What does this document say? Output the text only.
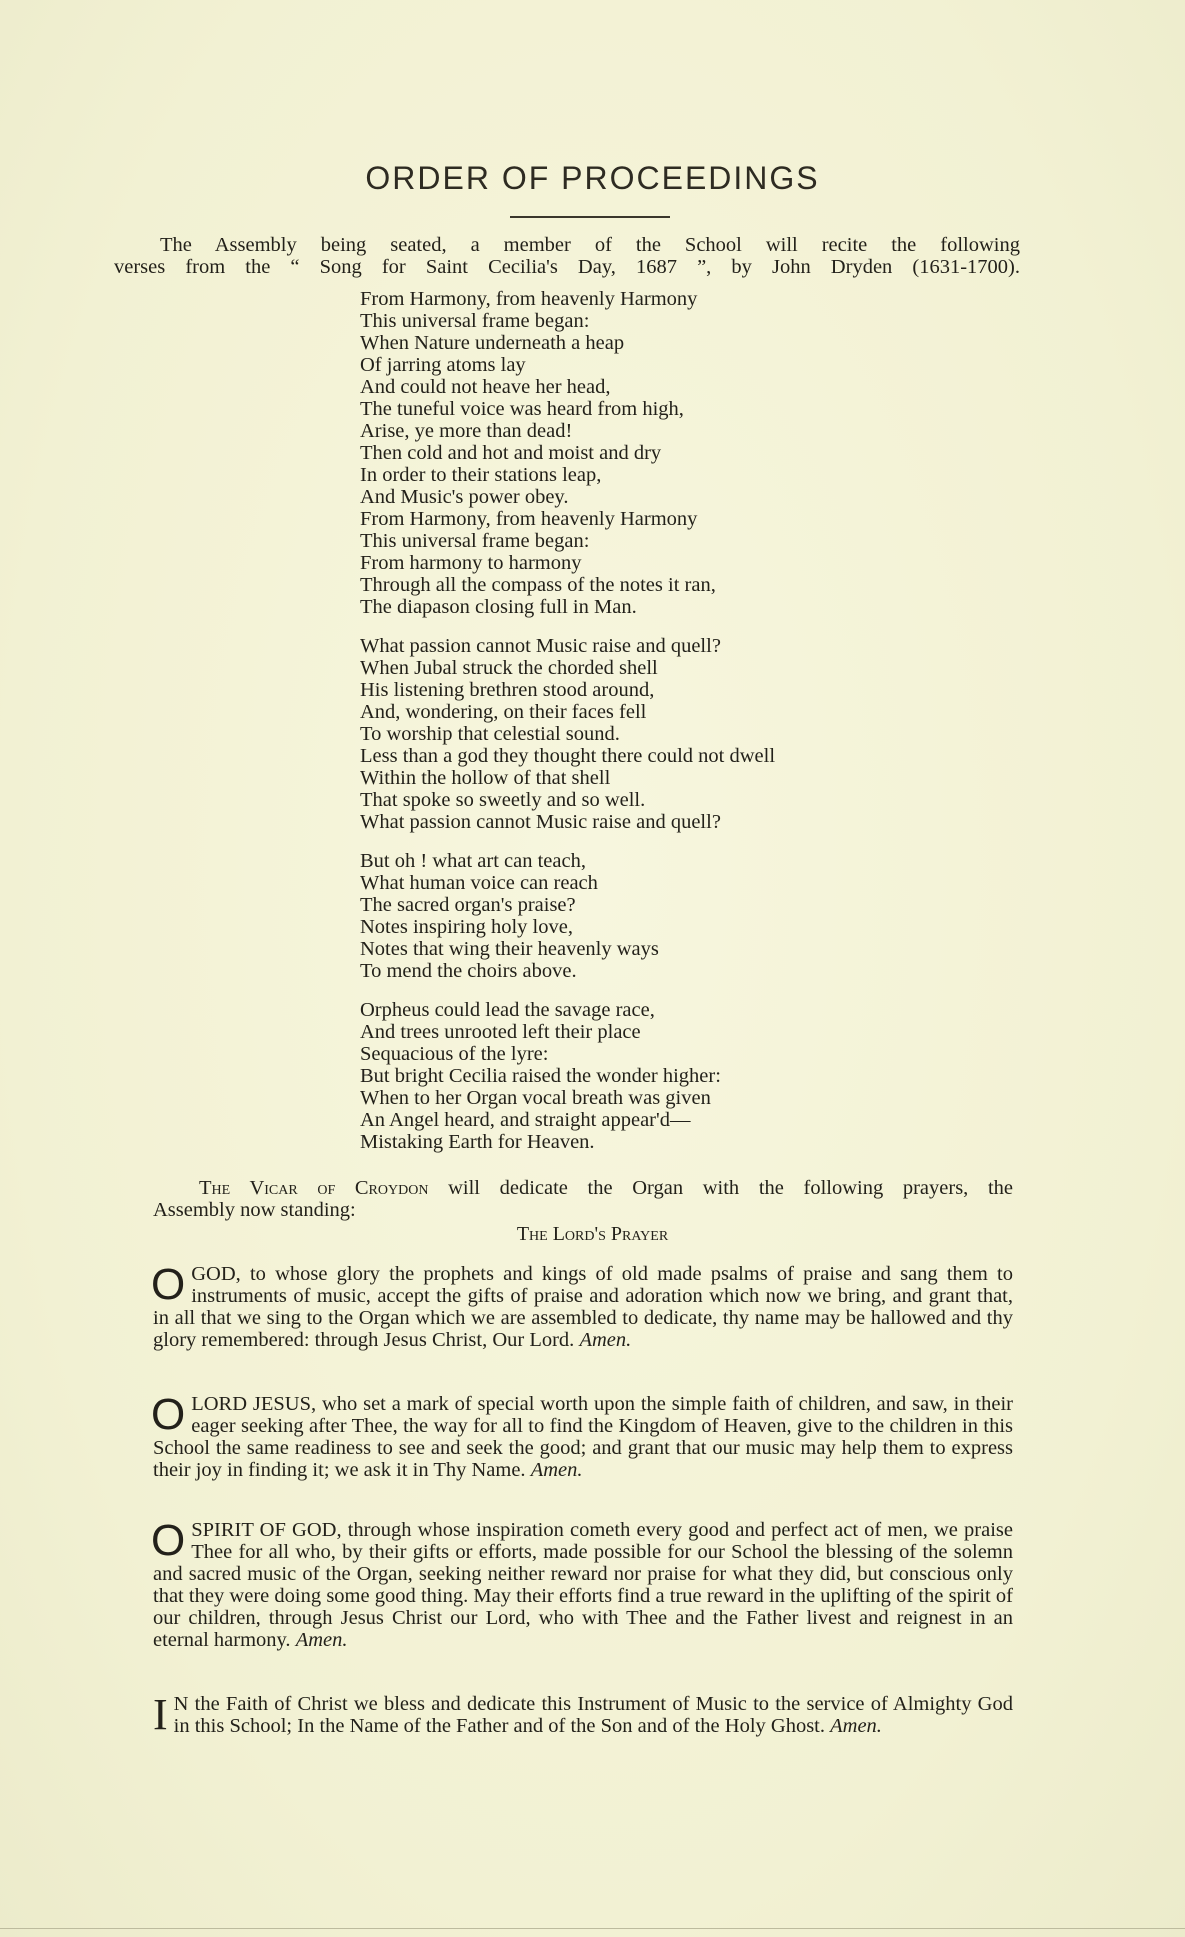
ORDER OF PROCEEDINGS
The Assembly being seated, a member of the School will recite the following
verses from the “ Song for Saint Cecilia's Day, 1687 ”, by John Dryden (1631-1700).
From Harmony, from heavenly Harmony
This universal frame began:
When Nature underneath a heap
Of jarring atoms lay
And could not heave her head,
The tuneful voice was heard from high,
Arise, ye more than dead!
Then cold and hot and moist and dry
In order to their stations leap,
And Music's power obey.
From Harmony, from heavenly Harmony
This universal frame began:
From harmony to harmony
Through all the compass of the notes it ran,
The diapason closing full in Man.
What passion cannot Music raise and quell?
When Jubal struck the chorded shell
His listening brethren stood around,
And, wondering, on their faces fell
To worship that celestial sound.
Less than a god they thought there could not dwell
Within the hollow of that shell
That spoke so sweetly and so well.
What passion cannot Music raise and quell?
But oh ! what art can teach,
What human voice can reach
The sacred organ's praise?
Notes inspiring holy love,
Notes that wing their heavenly ways
To mend the choirs above.
Orpheus could lead the savage race,
And trees unrooted left their place
Sequacious of the lyre:
But bright Cecilia raised the wonder higher:
When to her Organ vocal breath was given
An Angel heard, and straight appear'd—
Mistaking Earth for Heaven.
The Vicar of Croydon will dedicate the Organ with the following prayers, the
Assembly now standing:
The Lord's Prayer
O GOD, to whose glory the prophets and kings of old made psalms of praise and sang them to instruments of music, accept the gifts of praise and adoration which now we bring, and grant that, in all that we sing to the Organ which we are assembled to dedicate, thy name may be hallowed and thy glory remembered: through Jesus Christ, Our Lord. Amen.
O LORD JESUS, who set a mark of special worth upon the simple faith of children, and saw, in their eager seeking after Thee, the way for all to find the Kingdom of Heaven, give to the children in this School the same readiness to see and seek the good; and grant that our music may help them to express their joy in finding it; we ask it in Thy Name. Amen.
O SPIRIT OF GOD, through whose inspiration cometh every good and perfect act of men, we praise Thee for all who, by their gifts or efforts, made possible for our School the blessing of the solemn and sacred music of the Organ, seeking neither reward nor praise for what they did, but conscious only that they were doing some good thing. May their efforts find a true reward in the uplifting of the spirit of our children, through Jesus Christ our Lord, who with Thee and the Father livest and reignest in an eternal harmony. Amen.
I N the Faith of Christ we bless and dedicate this Instrument of Music to the service of Almighty God in this School; In the Name of the Father and of the Son and of the Holy Ghost. Amen.
